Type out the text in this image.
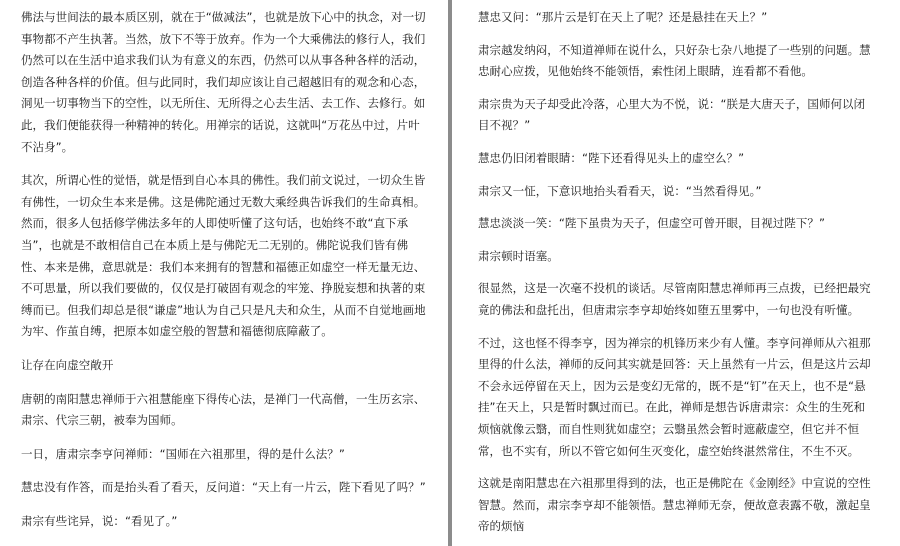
佛法与世间法的最本质区别，就在于“做减法”，也就是放下心中的执念，对一切事物都不产生执著。当然，放下不等于放弃。作为一个大乘佛法的修行人，我们仍然可以在生活中追求我们认为有意义的东西，仍然可以从事各种各样的活动，创造各种各样的价值。但与此同时，我们却应该让自己超越旧有的观念和心态，洞见一切事物当下的空性，以无所住、无所得之心去生活、去工作、去修行。如此，我们便能获得一种精神的转化。用禅宗的话说，这就叫“万花丛中过，片叶不沾身”。

其次，所谓心性的觉悟，就是悟到自心本具的佛性。我们前文说过，一切众生皆有佛性，一切众生本来是佛。这是佛陀通过无数大乘经典告诉我们的生命真相。然而，很多人包括修学佛法多年的人即使听懂了这句话，也始终不敢“直下承当”，也就是不敢相信自己在本质上是与佛陀无二无别的。佛陀说我们皆有佛性、本来是佛，意思就是：我们本来拥有的智慧和福德正如虚空一样无量无边、不可思量，所以我们要做的，仅仅是打破固有观念的牢笼、挣脱妄想和执著的束缚而已。但我们却总是很“谦虚”地认为自己只是凡夫和众生，从而不自觉地画地为牢、作茧自缚，把原本如虚空般的智慧和福德彻底障蔽了。

让存在向虚空敞开

唐朝的南阳慧忠禅师于六祖慧能座下得传心法，是禅门一代高僧，一生历玄宗、肃宗、代宗三朝，被奉为国师。

一日，唐肃宗李亨问禅师：“国师在六祖那里，得的是什么法？”

慧忠没有作答，而是抬头看了看天，反问道：“天上有一片云，陛下看见了吗？”

肃宗有些诧异，说：“看见了。”

慧忠又问：“那片云是钉在天上了呢？还是悬挂在天上？”

肃宗越发纳闷，不知道禅师在说什么，只好杂七杂八地提了一些别的问题。慧忠耐心应拨，见他始终不能领悟，索性闭上眼睛，连看都不看他。

肃宗贵为天子却受此冷落，心里大为不悦，说：“朕是大唐天子，国师何以闭目不视？”

慧忠仍旧闭着眼睛：“陛下还看得见头上的虚空么？”

肃宗又一怔，下意识地抬头看看天，说：“当然看得见。”

慧忠淡淡一笑：“陛下虽贵为天子，但虚空可曾开眼，目视过陛下？”

肃宗顿时语塞。

很显然，这是一次毫不投机的谈话。尽管南阳慧忠禅师再三点拨，已经把最究竟的佛法和盘托出，但唐肃宗李亨却始终如堕五里雾中，一句也没有听懂。

不过，这也怪不得李亨，因为禅宗的机锋历来少有人懂。李亨问禅师从六祖那里得的什么法，禅师的反问其实就是回答：天上虽然有一片云，但是这片云却不会永远停留在天上，因为云是变幻无常的，既不是“钉”在天上，也不是“悬挂”在天上，只是暂时飘过而已。在此，禅师是想告诉唐肃宗：众生的生死和烦恼就像云翳，而自性则犹如虚空；云翳虽然会暂时遮蔽虚空，但它并不恒常，也不实有，所以不管它如何生灭变化，虚空始终湛然常住，不生不灭。

这就是南阳慧忠在六祖那里得到的法，也正是佛陀在《金刚经》中宣说的空性智慧。然而，肃宗李亨却不能领悟。慧忠禅师无奈，便故意表露不敬，激起皇帝的烦恼
